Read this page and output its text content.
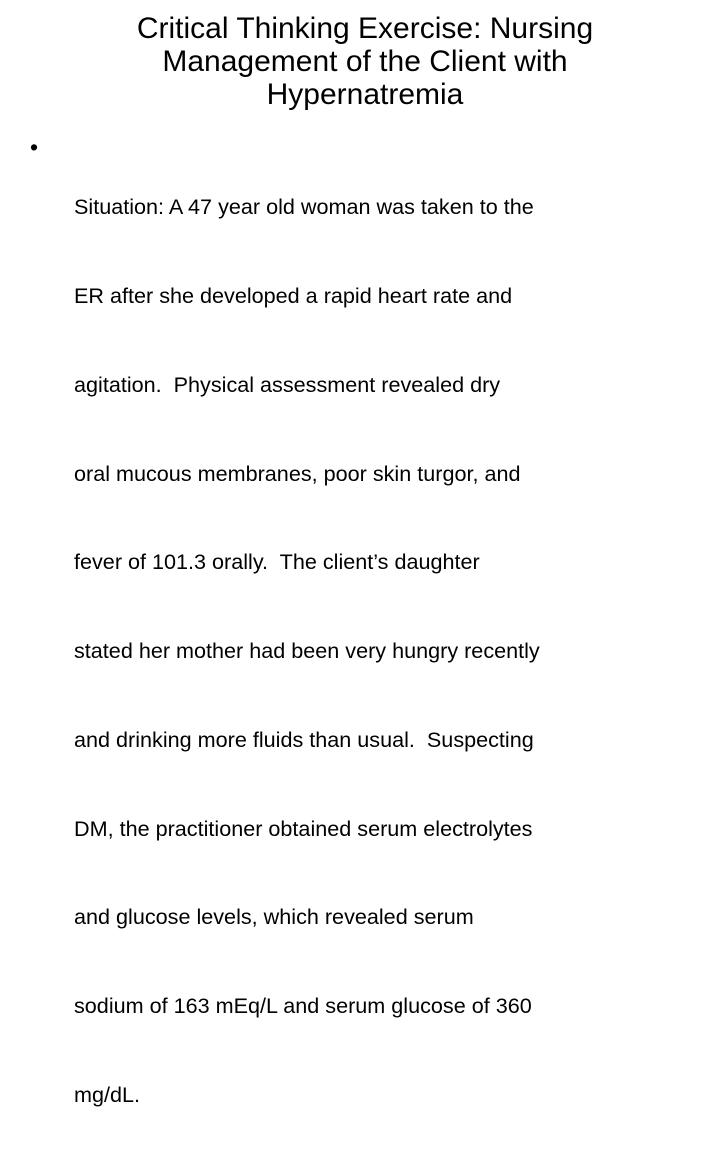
Critical Thinking Exercise: Nursing
Management of the Client with
Hypernatremia
•

Situation: A 47 year old woman was taken to the

ER after she developed a rapid heart rate and

agitation.  Physical assessment revealed dry

oral mucous membranes, poor skin turgor, and

fever of 101.3 orally.  The client’s daughter

stated her mother had been very hungry recently

and drinking more fluids than usual.  Suspecting

DM, the practitioner obtained serum electrolytes

and glucose levels, which revealed serum

sodium of 163 mEq/L and serum glucose of 360

mg/dL.
